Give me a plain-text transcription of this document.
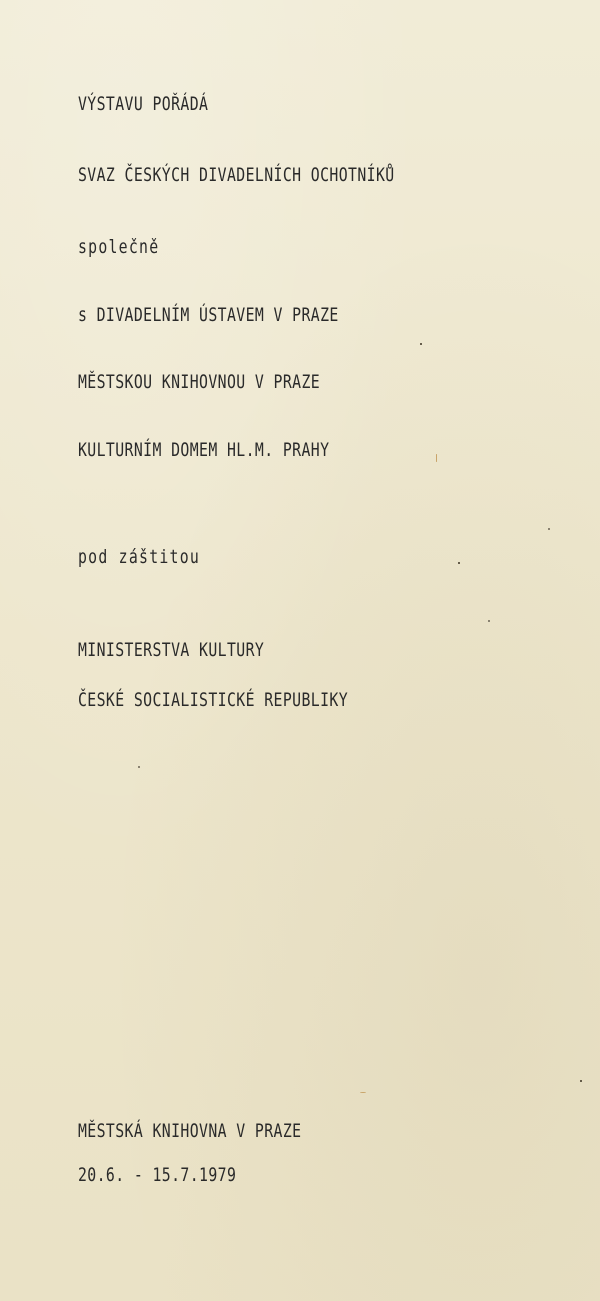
VÝSTAVU POŘÁDÁ

SVAZ ČESKÝCH DIVADELNÍCH OCHOTNÍKŮ

společně

s DIVADELNÍM ÚSTAVEM V PRAZE

MĚSTSKOU KNIHOVNOU V PRAZE

KULTURNÍM DOMEM HL.M. PRAHY

pod záštitou

MINISTERSTVA KULTURY

ČESKÉ SOCIALISTICKÉ REPUBLIKY

MĚSTSKÁ KNIHOVNA V PRAZE

20.6. - 15.7.1979
